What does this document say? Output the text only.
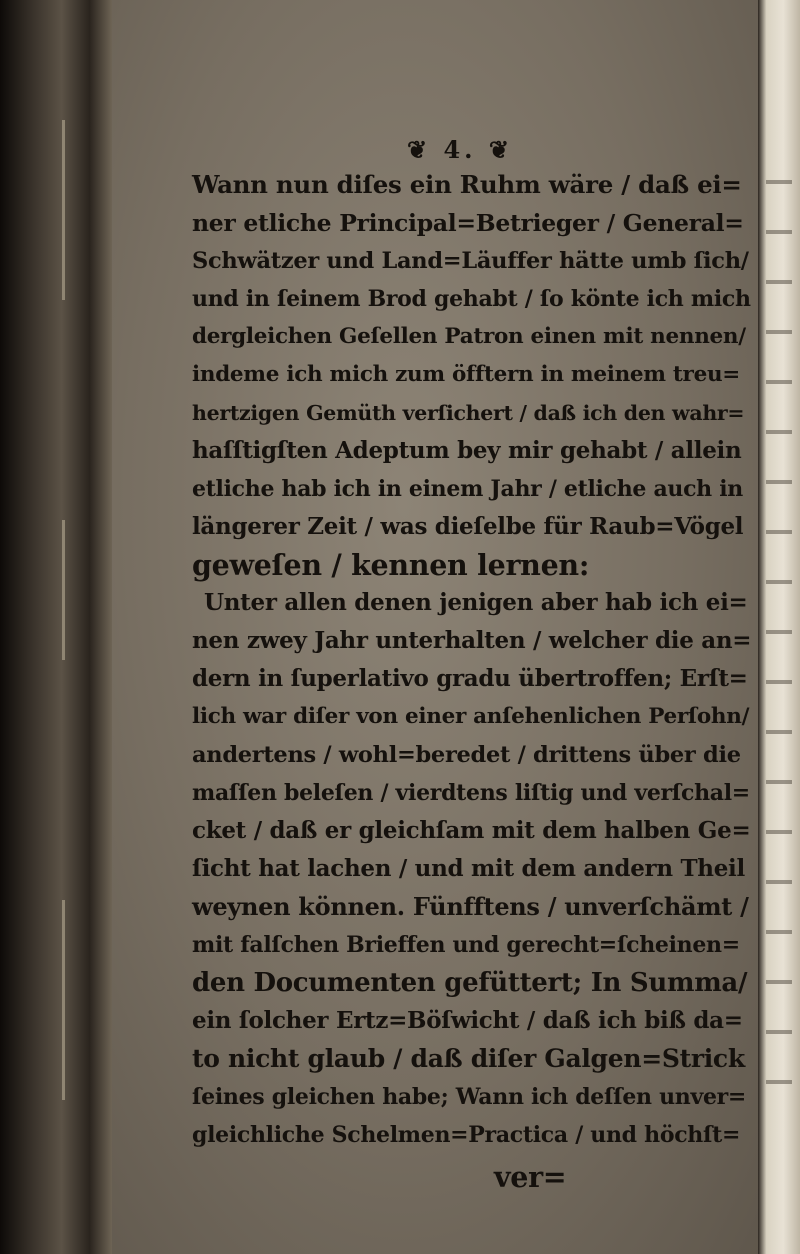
❦ 4. ❦
Wann nun diſes ein Ruhm wäre / daß ei=
ner etliche Principal=Betrieger / General=
Schwätzer und Land=Läuffer hätte umb ſich/
und in ſeinem Brod gehabt / ſo könte ich mich
dergleichen Geſellen Patron einen mit nennen/
indeme ich mich zum öfftern in meinem treu=
hertzigen Gemüth verſichert / daß ich den wahr=
haſſtigſten Adeptum bey mir gehabt / allein
etliche hab ich in einem Jahr / etliche auch in
längerer Zeit / was dieſelbe für Raub=Vögel
geweſen / kennen lernen:
Unter allen denen jenigen aber hab ich ei=
nen zwey Jahr unterhalten / welcher die an=
dern in ſuperlativo gradu übertroffen; Erſt=
lich war diſer von einer anſehenlichen Perſohn/
andertens / wohl=beredet / drittens über die
maſſen beleſen / vierdtens liſtig und verſchal=
cket / daß er gleichſam mit dem halben Ge=
ſicht hat lachen / und mit dem andern Theil
weynen können. Fünfftens / unverſchämt /
mit falſchen Brieffen und gerecht=ſcheinen=
den Documenten gefüttert; In Summa/
ein ſolcher Ertz=Böſwicht / daß ich biß da=
to nicht glaub / daß diſer Galgen=Strick
ſeines gleichen habe; Wann ich deſſen unver=
gleichliche Schelmen=Practica / und höchſt=
ver=
